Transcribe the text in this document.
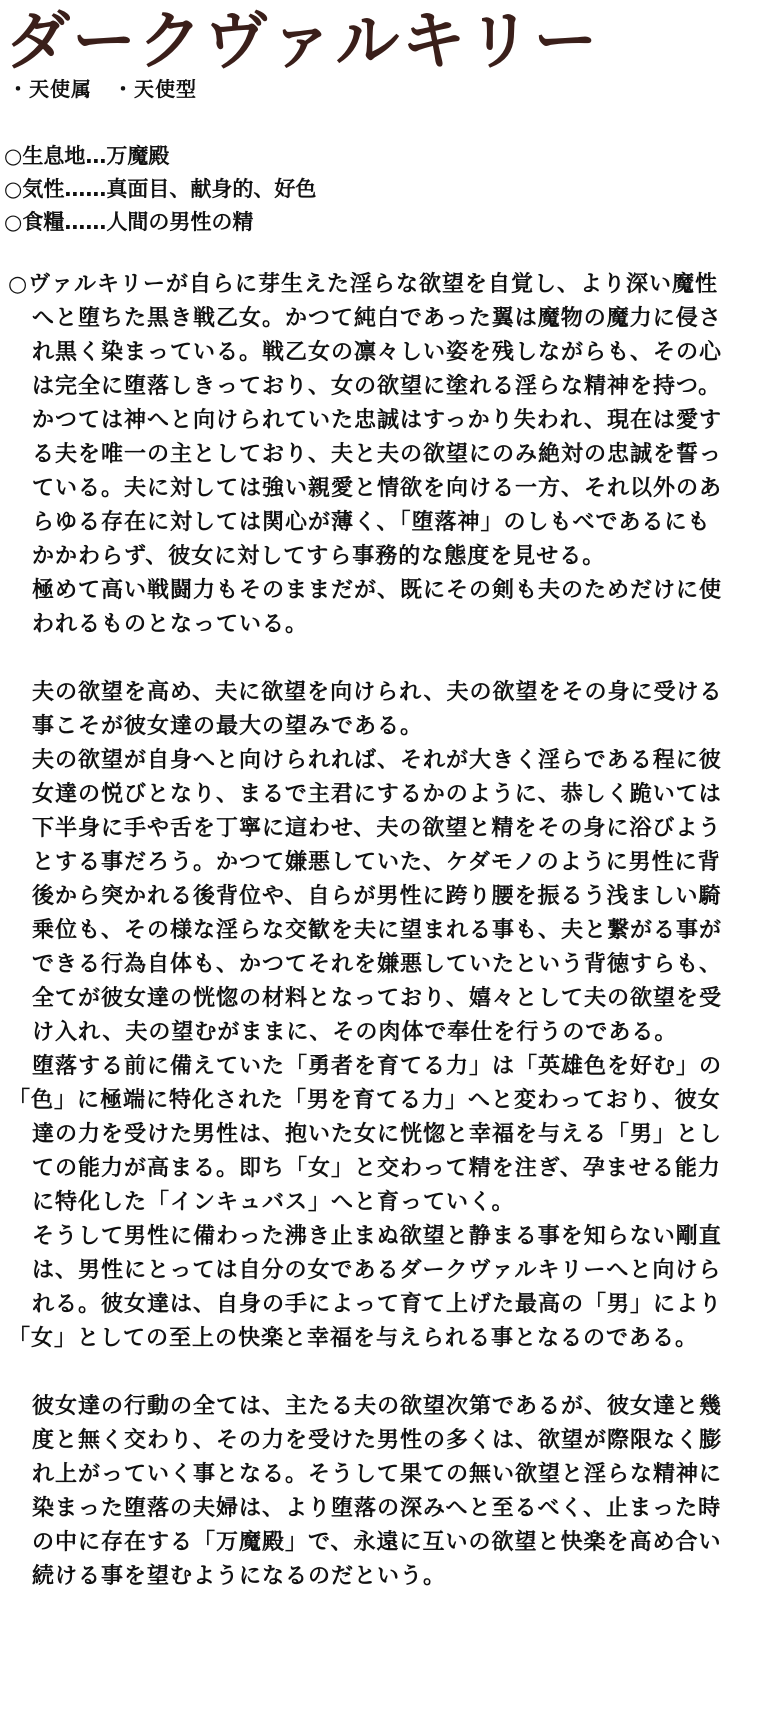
ダークヴァルキリー
・天使属　・天使型
○生息地…万魔殿
○気性……真面目、献身的、好色
○食糧……人間の男性の精
○ヴァルキリーが自らに芽生えた淫らな欲望を自覚し、より深い魔性
へと堕ちた黒き戦乙女。かつて純白であった翼は魔物の魔力に侵さ
れ黒く染まっている。戦乙女の凛々しい姿を残しながらも、その心
は完全に堕落しきっており、女の欲望に塗れる淫らな精神を持つ。
かつては神へと向けられていた忠誠はすっかり失われ、現在は愛す
る夫を唯一の主としており、夫と夫の欲望にのみ絶対の忠誠を誓っ
ている。夫に対しては強い親愛と情欲を向ける一方、それ以外のあ
らゆる存在に対しては関心が薄く、「堕落神」のしもべであるにも
かかわらず、彼女に対してすら事務的な態度を見せる。
極めて高い戦闘力もそのままだが、既にその剣も夫のためだけに使
われるものとなっている。

夫の欲望を高め、夫に欲望を向けられ、夫の欲望をその身に受ける
事こそが彼女達の最大の望みである。
夫の欲望が自身へと向けられれば、それが大きく淫らである程に彼
女達の悦びとなり、まるで主君にするかのように、恭しく跪いては
下半身に手や舌を丁寧に這わせ、夫の欲望と精をその身に浴びよう
とする事だろう。かつて嫌悪していた、ケダモノのように男性に背
後から突かれる後背位や、自らが男性に跨り腰を振るう浅ましい騎
乗位も、その様な淫らな交歓を夫に望まれる事も、夫と繋がる事が
できる行為自体も、かつてそれを嫌悪していたという背徳すらも、
全てが彼女達の恍惚の材料となっており、嬉々として夫の欲望を受
け入れ、夫の望むがままに、その肉体で奉仕を行うのである。
堕落する前に備えていた「勇者を育てる力」は「英雄色を好む」の
「色」に極端に特化された「男を育てる力」へと変わっており、彼女
達の力を受けた男性は、抱いた女に恍惚と幸福を与える「男」とし
ての能力が高まる。即ち「女」と交わって精を注ぎ、孕ませる能力
に特化した「インキュバス」へと育っていく。
そうして男性に備わった沸き止まぬ欲望と静まる事を知らない剛直
は、男性にとっては自分の女であるダークヴァルキリーへと向けら
れる。彼女達は、自身の手によって育て上げた最高の「男」により
「女」としての至上の快楽と幸福を与えられる事となるのである。

彼女達の行動の全ては、主たる夫の欲望次第であるが、彼女達と幾
度と無く交わり、その力を受けた男性の多くは、欲望が際限なく膨
れ上がっていく事となる。そうして果ての無い欲望と淫らな精神に
染まった堕落の夫婦は、より堕落の深みへと至るべく、止まった時
の中に存在する「万魔殿」で、永遠に互いの欲望と快楽を高め合い
続ける事を望むようになるのだという。
